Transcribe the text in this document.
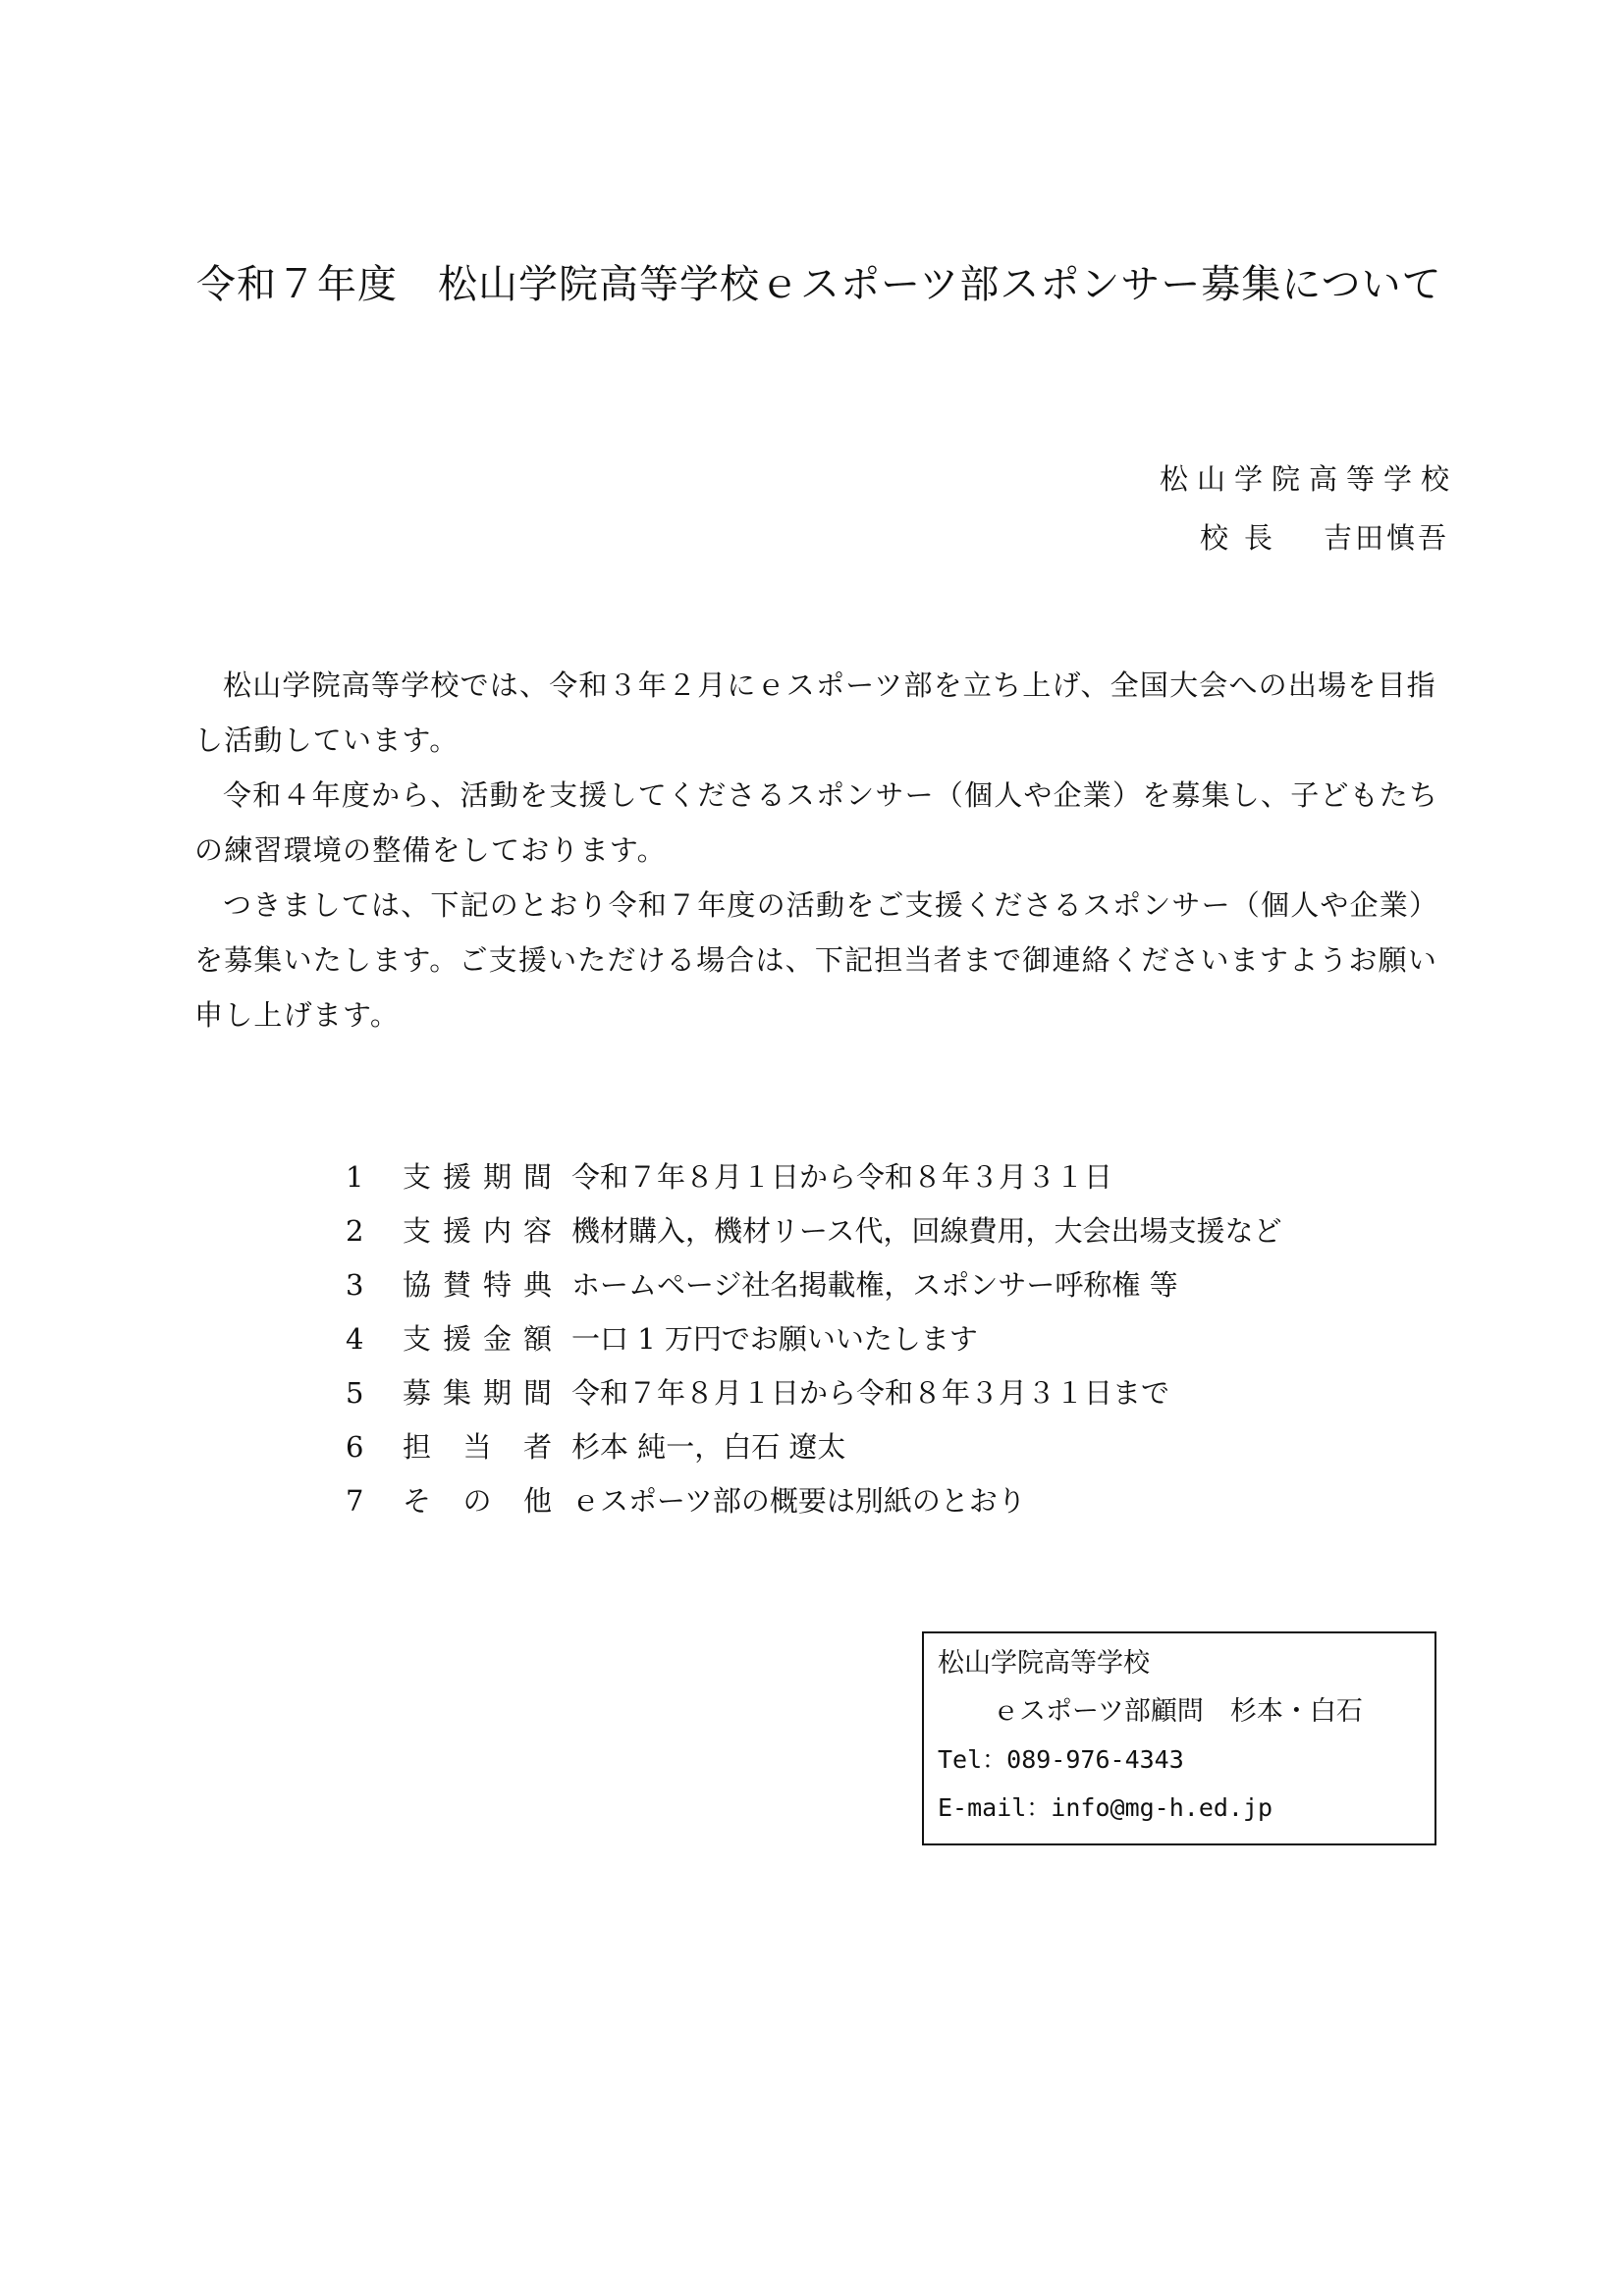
令和７年度　松山学院高等学校ｅスポーツ部スポンサー募集について
松山学院高等学校
校長 吉田慎吾

松山学院高等学校では、令和３年２月にｅスポーツ部を立ち上げ、全国大会への出場を目指し活動しています。

令和４年度から、活動を支援してくださるスポンサー（個人や企業）を募集し、子どもたちの練習環境の整備をしております。

つきましては、下記のとおり令和７年度の活動をご支援くださるスポンサー（個人や企業）を募集いたします。ご支援いただける場合は、下記担当者まで御連絡くださいますようお願い申し上げます。

1	支援期間 令和７年８月１日から令和８年３月３１日
2	支援内容 機材購入，機材リース代，回線費用，大会出場支援など
3	協賛特典 ホームページ社名掲載権，スポンサー呼称権 等
4	支援金額 一口 1 万円でお願いいたします
5	募集期間 令和７年８月１日から令和８年３月３１日まで
6	担当者 杉本 純一，白石 遼太
7	その他 ｅスポーツ部の概要は別紙のとおり
松山学院高等学校
ｅスポーツ部顧問　杉本・白石
Tel：089-976-4343
E-mail：info@mg-h.ed.jp
